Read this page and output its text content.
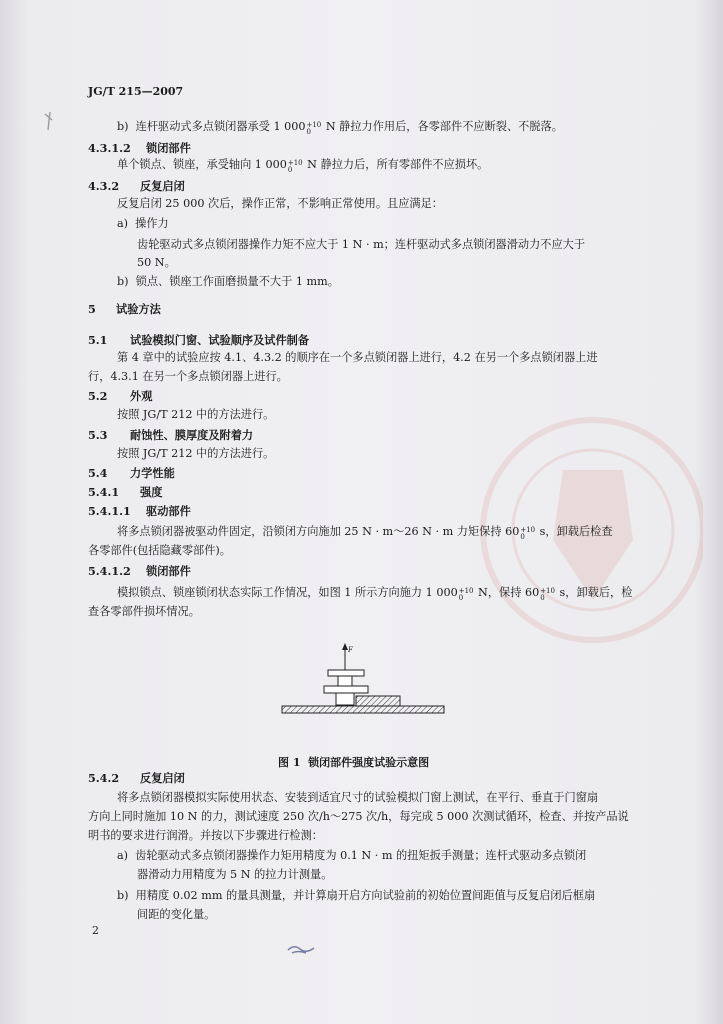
JG/T 215—2007
b)  连杆驱动式多点锁闭器承受 1 000 +10
0	N 静拉力作用后，各零部件不应断裂、不脱落。
4.3.1.2 锁闭部件
单个锁点、锁座，承受轴向 1 000 +10
0	N 静拉力后，所有零部件不应损坏。
4.3.2 反复启闭
反复启闭 25 000 次后，操作正常，不影响正常使用。且应满足：
a)  操作力
齿轮驱动式多点锁闭器操作力矩不应大于 1 N · m；连杆驱动式多点锁闭器滑动力不应大于
50 N。
b)  锁点、锁座工作面磨损量不大于 1 mm。
5 试验方法
5.1 试验模拟门窗、试验顺序及试件制备
第 4 章中的试验应按 4.1、4.3.2 的顺序在一个多点锁闭器上进行，4.2 在另一个多点锁闭器上进
行，4.3.1 在另一个多点锁闭器上进行。
5.2 外观
按照 JG/T 212 中的方法进行。
5.3 耐蚀性、膜厚度及附着力
按照 JG/T 212 中的方法进行。
5.4 力学性能
5.4.1 强度
5.4.1.1 驱动部件
将多点锁闭器被驱动件固定，沿锁闭方向施加 25 N · m～26 N · m 力矩保持 60 +10
0	s，卸载后检查
各零部件(包括隐藏零部件)。
5.4.1.2 锁闭部件
模拟锁点、锁座锁闭状态实际工作情况，如图 1 所示方向施力 1 000 +10
0	N，保持 60 +10
0	s，卸载后，检
查各零部件损坏情况。
F
图 1  锁闭部件强度试验示意图
5.4.2 反复启闭
将多点锁闭器模拟实际使用状态、安装到适宜尺寸的试验模拟门窗上测试，在平行、垂直于门窗扇
方向上同时施加 10 N 的力，测试速度 250 次/h～275 次/h，每完成 5 000 次测试循环，检查、并按产品说
明书的要求进行润滑。并按以下步骤进行检测：
a)  齿轮驱动式多点锁闭器操作力矩用精度为 0.1 N · m 的扭矩扳手测量；连杆式驱动多点锁闭
器滑动力用精度为 5 N 的拉力计测量。
b)  用精度 0.02 mm 的量具测量，并计算扇开启方向试验前的初始位置间距值与反复启闭后框扇
间距的变化量。
2
